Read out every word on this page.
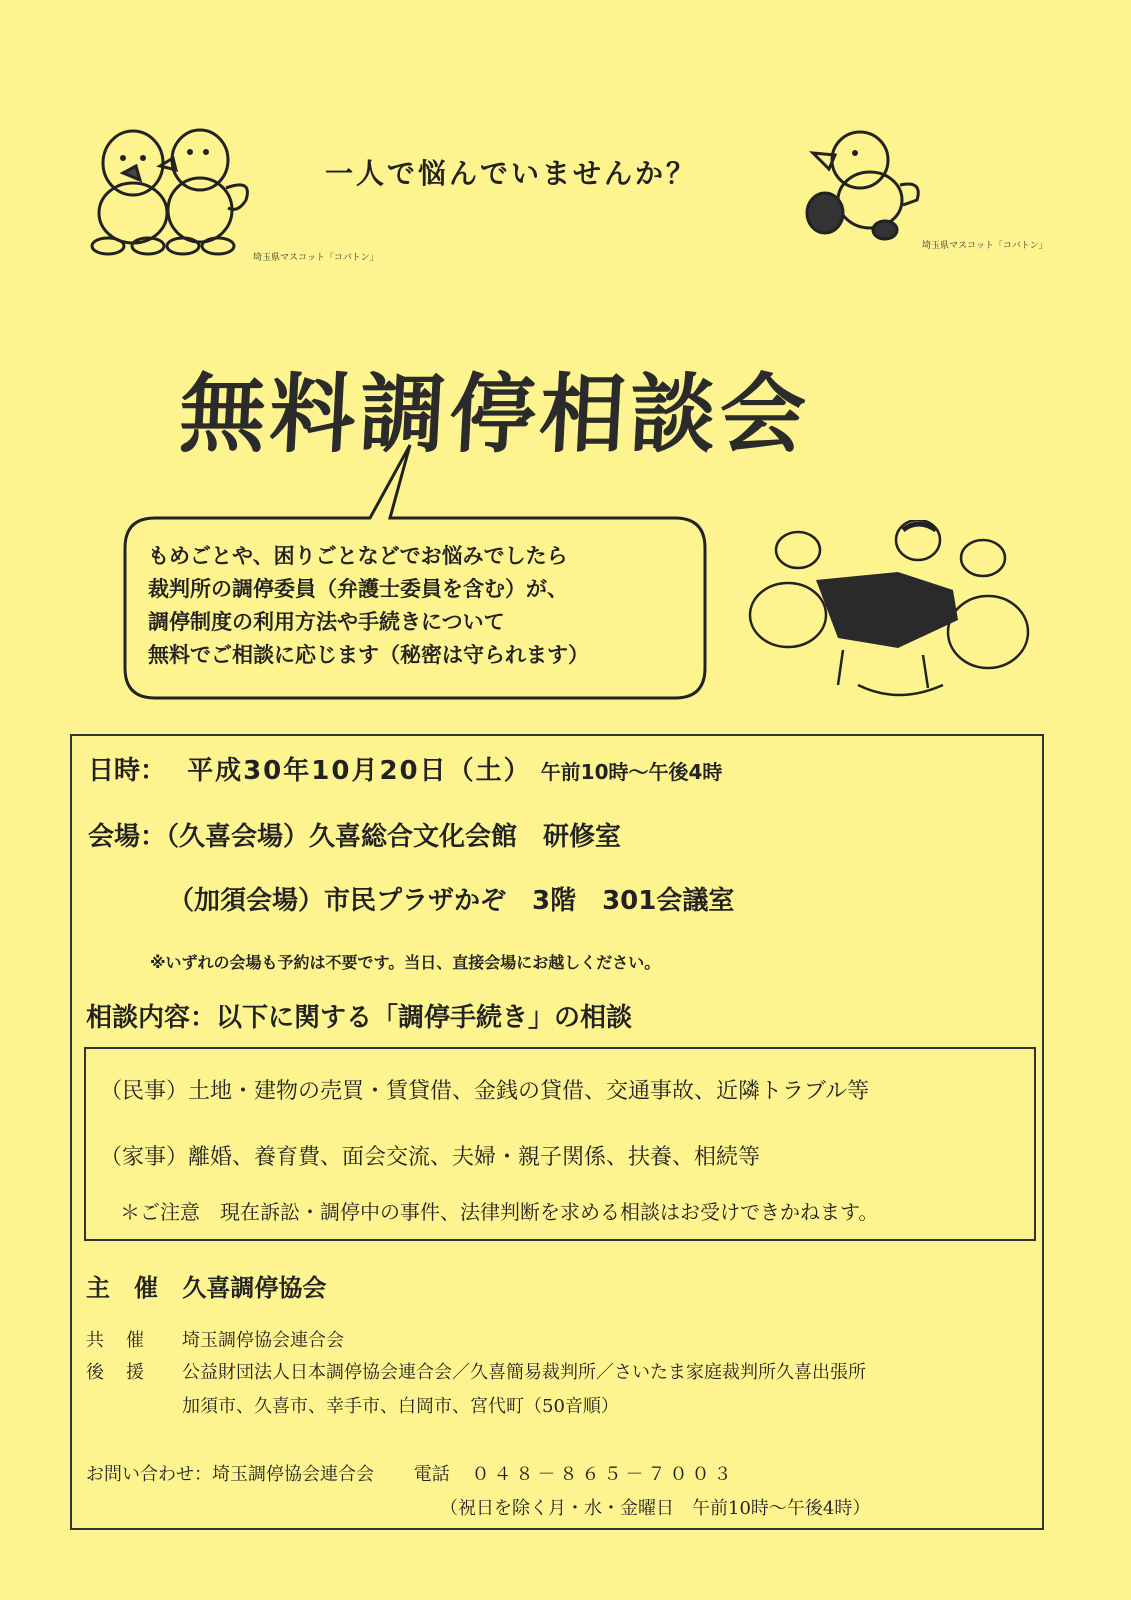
埼玉県マスコット「コバトン」
一人で悩んでいませんか？
埼玉県マスコット「コバトン」
無料調停相談会
もめごとや、困りごとなどでお悩みでしたら
裁判所の調停委員（弁護士委員を含む）が、
調停制度の利用方法や手続きについて
無料でご相談に応じます（秘密は守られます）
日時： 平成30年10月20日（土） 午前10時～午後4時
会場：（久喜会場）久喜総合文化会館　研修室
（加須会場）市民プラザかぞ　3階　301会議室
※いずれの会場も予約は不要です。当日、直接会場にお越しください。
相談内容：以下に関する「調停手続き」の相談
（民事）土地・建物の売買・賃貸借、金銭の貸借、交通事故、近隣トラブル等
（家事）離婚、養育費、面会交流、夫婦・親子関係、扶養、相続等
＊ご注意　現在訴訟・調停中の事件、法律判断を求める相談はお受けできかねます。
主　催 久喜調停協会
共催 埼玉調停協会連合会
後援 公益財団法人日本調停協会連合会／久喜簡易裁判所／さいたま家庭裁判所久喜出張所
加須市、久喜市、幸手市、白岡市、宮代町（50音順）
お問い合わせ：埼玉調停協会連合会 電話 ０４８－８６５－７００３
（祝日を除く月・水・金曜日　午前10時～午後4時）
